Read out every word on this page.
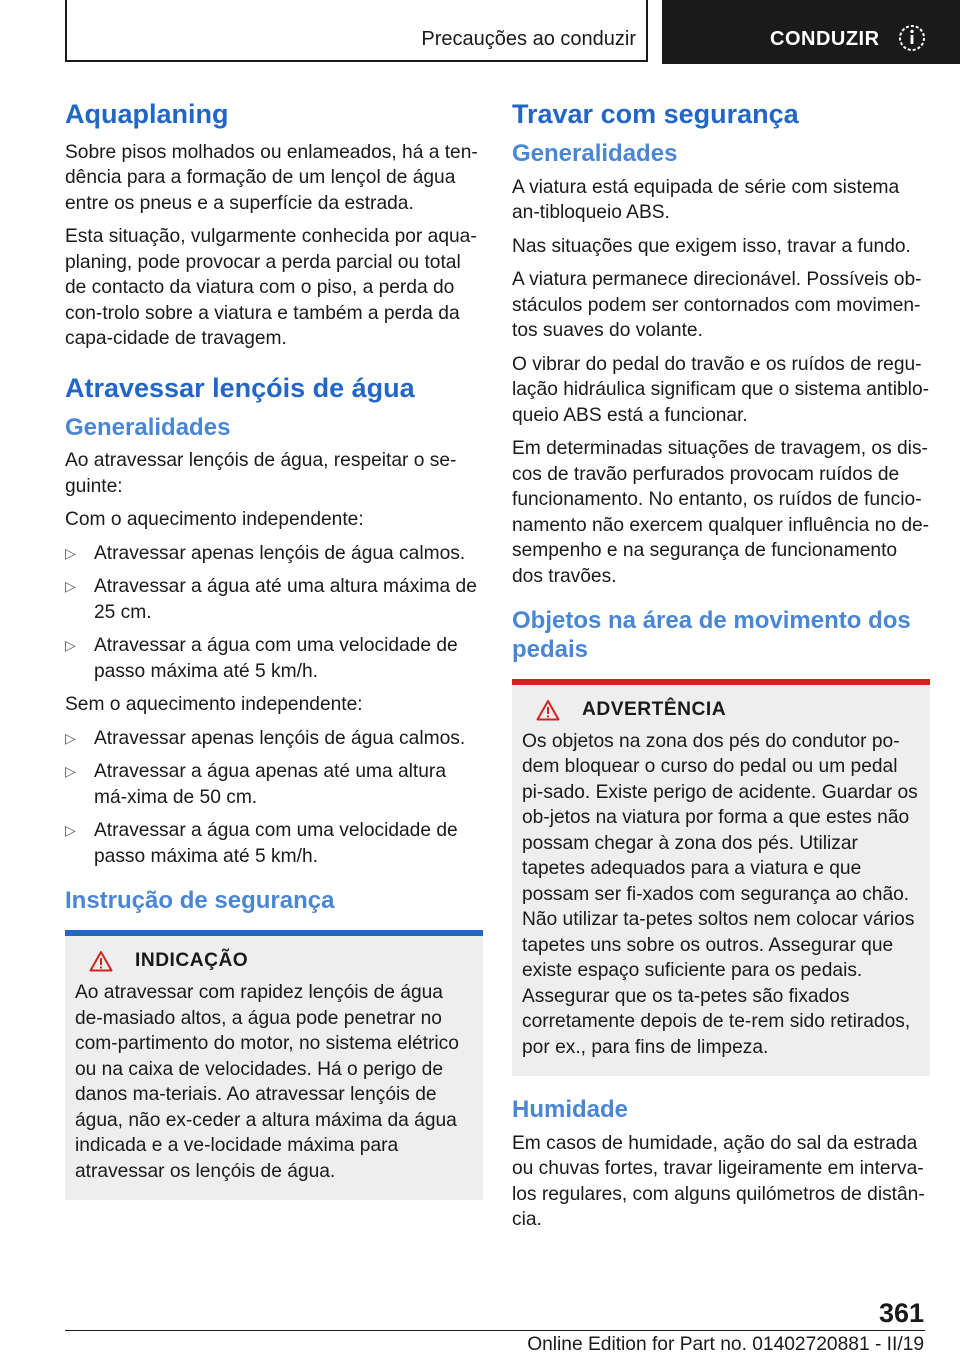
Precauções ao conduzir	CONDUZIR
Aquaplaning

Sobre pisos molhados ou enlameados, há a ten-dência para a formação de um lençol de água entre os pneus e a superfície da estrada.

Esta situação, vulgarmente conhecida por aqua-planing, pode provocar a perda parcial ou total de contacto da viatura com o piso, a perda do con-trolo sobre a viatura e também a perda da capa-cidade de travagem.

Atravessar lençóis de água
Generalidades

Ao atravessar lençóis de água, respeitar o se-guinte:

Com o aquecimento independente:

▷ Atravessar apenas lençóis de água calmos.
▷ Atravessar a água até uma altura máxima de 25 cm.
▷ Atravessar a água com uma velocidade de passo máxima até 5 km/h.

Sem o aquecimento independente:

▷ Atravessar apenas lençóis de água calmos.
▷ Atravessar a água apenas até uma altura má-xima de 50 cm.
▷ Atravessar a água com uma velocidade de passo máxima até 5 km/h.
Instrução de segurança
INDICAÇÃO

Ao atravessar com rapidez lençóis de água de-masiado altos, a água pode penetrar no com-partimento do motor, no sistema elétrico ou na caixa de velocidades. Há o perigo de danos ma-teriais. Ao atravessar lençóis de água, não ex-ceder a altura máxima da água indicada e a ve-locidade máxima para atravessar os lençóis de água.

Travar com segurança
Generalidades

A viatura está equipada de série com sistema an-tibloqueio ABS.

Nas situações que exigem isso, travar a fundo.

A viatura permanece direcionável. Possíveis ob-stáculos podem ser contornados com movimen-tos suaves do volante.

O vibrar do pedal do travão e os ruídos de regu-lação hidráulica significam que o sistema antiblo-queio ABS está a funcionar.

Em determinadas situações de travagem, os dis-cos de travão perfurados provocam ruídos de funcionamento. No entanto, os ruídos de funcio-namento não exercem qualquer influência no de-sempenho e na segurança de funcionamento dos travões.

Objetos na área de movimento dos pedais
ADVERTÊNCIA

Os objetos na zona dos pés do condutor po-dem bloquear o curso do pedal ou um pedal pi-sado. Existe perigo de acidente. Guardar os ob-jetos na viatura por forma a que estes não possam chegar à zona dos pés. Utilizar tapetes adequados para a viatura e que possam ser fi-xados com segurança ao chão. Não utilizar ta-petes soltos nem colocar vários tapetes uns sobre os outros. Assegurar que existe espaço suficiente para os pedais. Assegurar que os ta-petes são fixados corretamente depois de te-rem sido retirados, por ex., para fins de limpeza.

Humidade

Em casos de humidade, ação do sal da estrada ou chuvas fortes, travar ligeiramente em interva-los regulares, com alguns quilómetros de distân-cia.

361
Online Edition for Part no. 01402720881 - II/19
